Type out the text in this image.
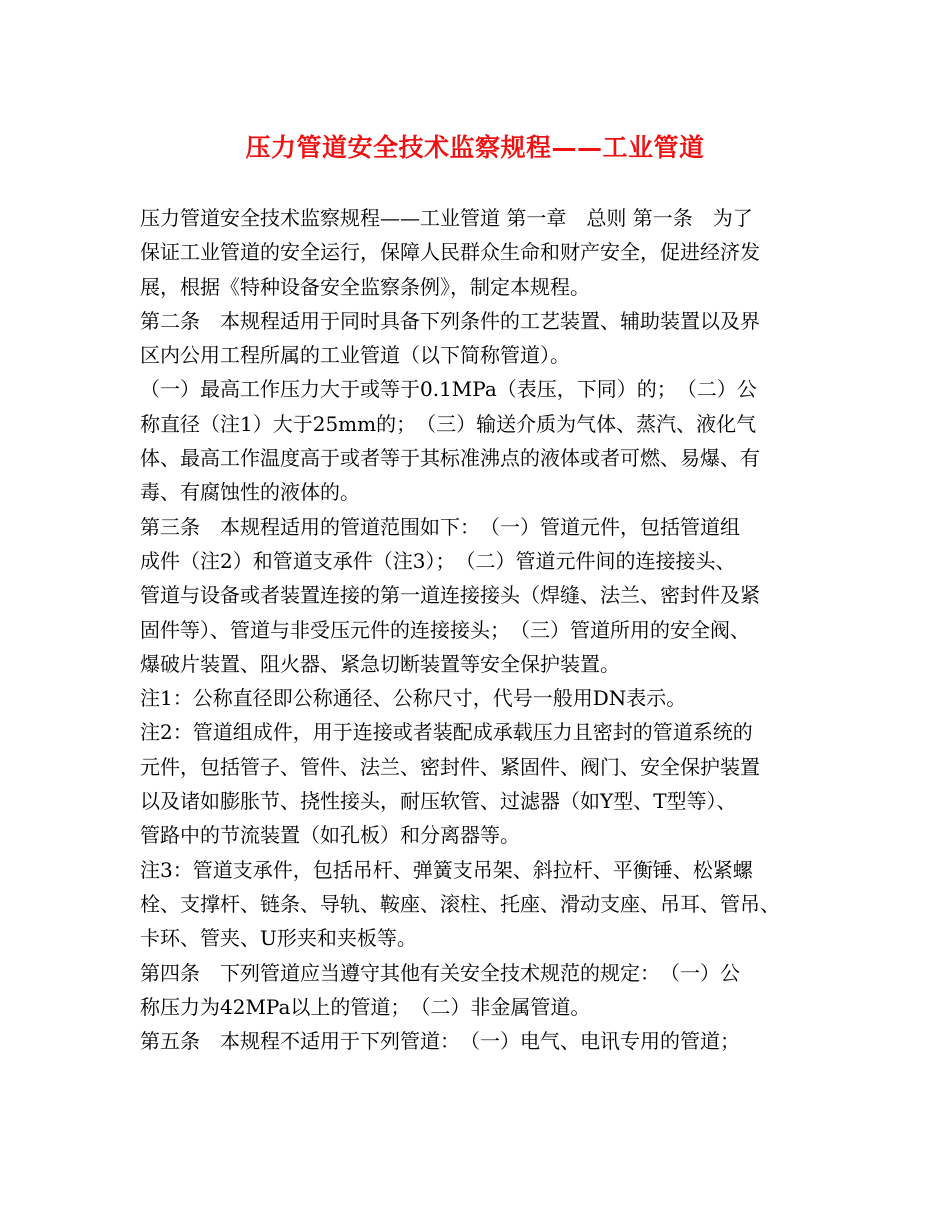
压力管道安全技术监察规程——工业管道
压力管道安全技术监察规程——工业管道 第一章　总则 第一条　为了
保证工业管道的安全运行，保障人民群众生命和财产安全，促进经济发
展，根据《特种设备安全监察条例》，制定本规程。
第二条　本规程适用于同时具备下列条件的工艺装置、辅助装置以及界
区内公用工程所属的工业管道（以下简称管道）。
（一）最高工作压力大于或等于0.1MPa（表压，下同）的；　（二）公
称直径（注1）大于25mm的；　（三）输送介质为气体、蒸汽、液化气
体、最高工作温度高于或者等于其标准沸点的液体或者可燃、易爆、有
毒、有腐蚀性的液体的。
第三条　本规程适用的管道范围如下：　（一）管道元件，包括管道组
成件（注2）和管道支承件（注3）；　（二）管道元件间的连接接头、
管道与设备或者装置连接的第一道连接接头（焊缝、法兰、密封件及紧
固件等）、管道与非受压元件的连接接头；　（三）管道所用的安全阀、
爆破片装置、阻火器、紧急切断装置等安全保护装置。
注1：公称直径即公称通径、公称尺寸，代号一般用DN表示。
注2：管道组成件，用于连接或者装配成承载压力且密封的管道系统的
元件，包括管子、管件、法兰、密封件、紧固件、阀门、安全保护装置
以及诸如膨胀节、挠性接头，耐压软管、过滤器（如Y型、T型等）、
管路中的节流装置（如孔板）和分离器等。
注3：管道支承件，包括吊杆、弹簧支吊架、斜拉杆、平衡锤、松紧螺
栓、支撑杆、链条、导轨、鞍座、滚柱、托座、滑动支座、吊耳、管吊、
卡环、管夹、U形夹和夹板等。
第四条　下列管道应当遵守其他有关安全技术规范的规定：　（一）公
称压力为42MPa以上的管道；　（二）非金属管道。
第五条　本规程不适用于下列管道：　（一）电气、电讯专用的管道；
